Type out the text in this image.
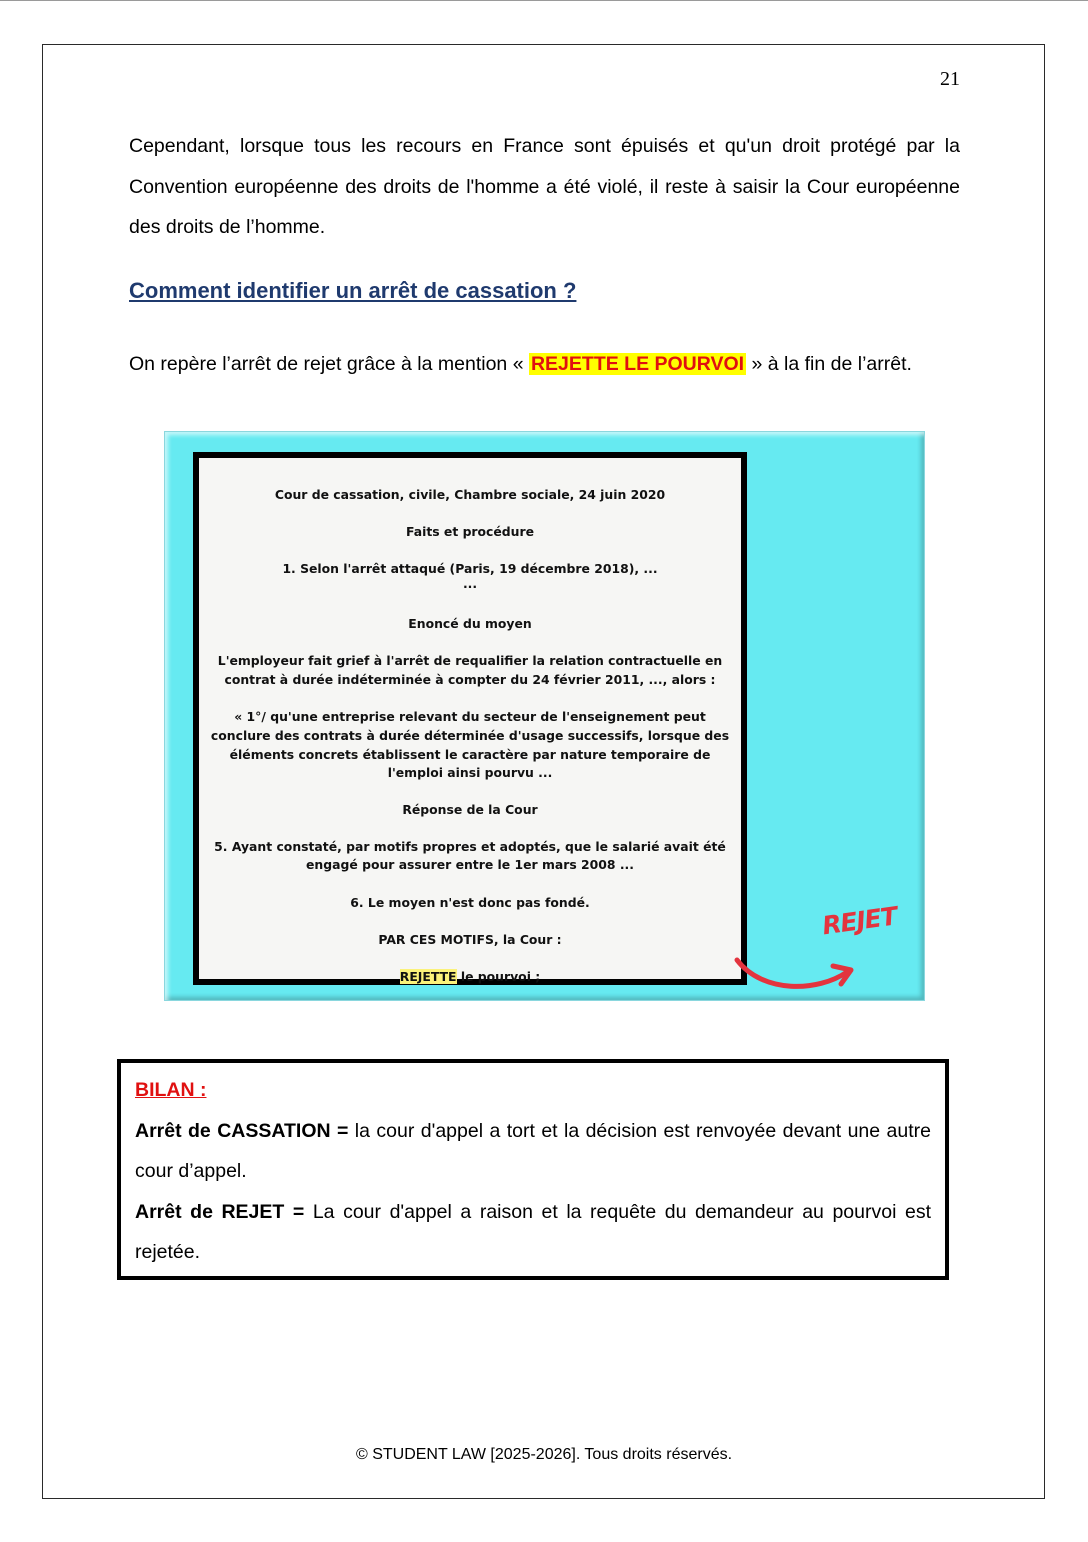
21

Cependant, lorsque tous les recours en France sont épuisés et qu'un droit protégé par la Convention européenne des droits de l'homme a été violé, il reste à saisir la Cour européenne des droits de l’homme.

Comment identifier un arrêt de cassation ?

On repère l’arrêt de rejet grâce à la mention « REJETTE LE POURVOI » à la fin de l’arrêt.

Cour de cassation, civile, Chambre sociale, 24 juin 2020

Faits et procédure

1. Selon l'arrêt attaqué (Paris, 19 décembre 2018), ...

...

Enoncé du moyen

L'employeur fait grief à l'arrêt de requalifier la relation contractuelle en

contrat à durée indéterminée à compter du 24 février 2011, ..., alors :

« 1°/ qu'une entreprise relevant du secteur de l'enseignement peut

conclure des contrats à durée déterminée d'usage successifs, lorsque des

éléments concrets établissent le caractère par nature temporaire de

l'emploi ainsi pourvu ...

Réponse de la Cour

5. Ayant constaté, par motifs propres et adoptés, que le salarié avait été

engagé pour assurer entre le 1er mars 2008 ...

6. Le moyen n'est donc pas fondé.

PAR CES MOTIFS, la Cour :

REJETTE le pourvoi ;

REJET

BILAN :

Arrêt de CASSATION = la cour d'appel a tort et la décision est renvoyée devant une autre cour d’appel.

Arrêt de REJET = La cour d'appel a raison et la requête du demandeur au pourvoi est rejetée.

© STUDENT LAW [2025-2026]. Tous droits réservés.
